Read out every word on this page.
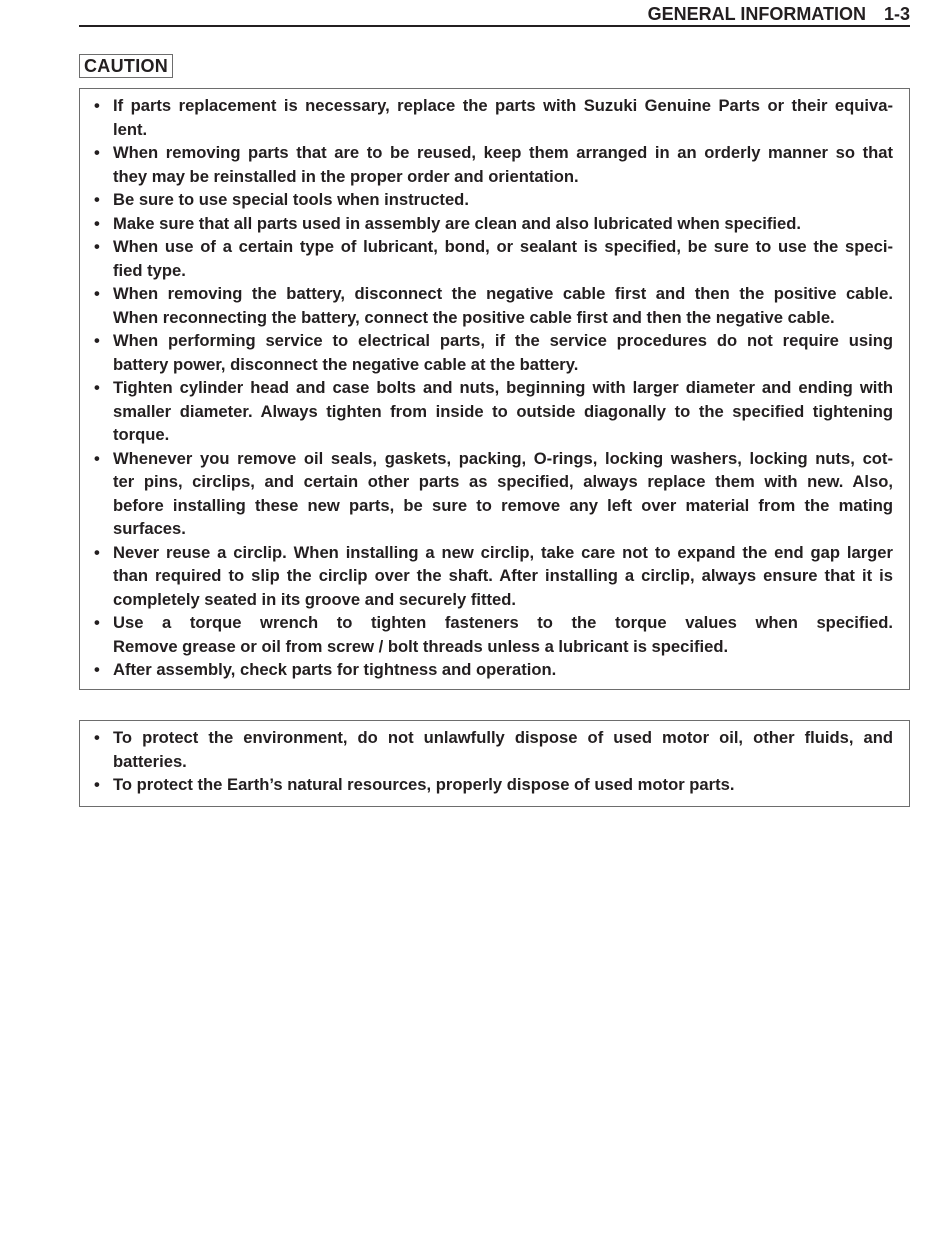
GENERAL INFORMATION 1-3
CAUTION
• If parts replacement is necessary, replace the parts with Suzuki Genuine Parts or their equiva-
lent.
• When removing parts that are to be reused, keep them arranged in an orderly manner so that
they may be reinstalled in the proper order and orientation.
• Be sure to use special tools when instructed.
• Make sure that all parts used in assembly are clean and also lubricated when specified.
• When use of a certain type of lubricant, bond, or sealant is specified, be sure to use the speci-
fied type.
• When removing the battery, disconnect the negative cable first and then the positive cable.
When reconnecting the battery, connect the positive cable first and then the negative cable.
• When performing service to electrical parts, if the service procedures do not require using
battery power, disconnect the negative cable at the battery.
• Tighten cylinder head and case bolts and nuts, beginning with larger diameter and ending with
smaller diameter. Always tighten from inside to outside diagonally to the specified tightening
torque.
• Whenever you remove oil seals, gaskets, packing, O-rings, locking washers, locking nuts, cot-
ter pins, circlips, and certain other parts as specified, always replace them with new. Also,
before installing these new parts, be sure to remove any left over material from the mating
surfaces.
• Never reuse a circlip. When installing a new circlip, take care not to expand the end gap larger
than required to slip the circlip over the shaft. After installing a circlip, always ensure that it is
completely seated in its groove and securely fitted.
• Use a torque wrench to tighten fasteners to the torque values when specified.
Remove grease or oil from screw / bolt threads unless a lubricant is specified.
• After assembly, check parts for tightness and operation.
• To protect the environment, do not unlawfully dispose of used motor oil, other fluids, and
batteries.
• To protect the Earth’s natural resources, properly dispose of used motor parts.
